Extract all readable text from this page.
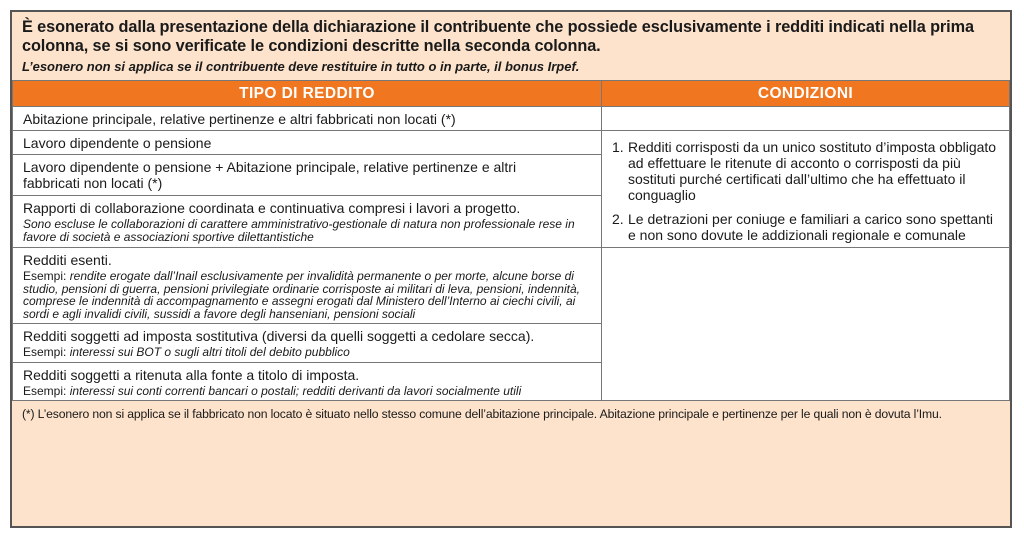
È esonerato dalla presentazione della dichiarazione il contribuente che possiede esclusivamente i redditi indicati nella prima colonna, se si sono verificate le condizioni descritte nella seconda colonna.
L’esonero non si applica se il contribuente deve restituire in tutto o in parte, il bonus Irpef.
TIPO DI REDDITO	CONDIZIONI

Abitazione principale, relative pertinenze e altri fabbricati non locati (*)	

Lavoro dipendente o pensione	1. Redditi corrisposti da un unico sostituto d’imposta obbligato ad effettuare le ritenute di acconto o corrisposti da più sostituti purché certificati dall’ultimo che ha effettuato il conguaglio
2. Le detrazioni per coniuge e familiari a carico sono spettanti e non sono dovute le addizionali regionale e comunale

Lavoro dipendente o pensione + Abitazione principale, relative pertinenze e altri fabbricati non locati (*)	

Rapporti di collaborazione coordinata e continuativa compresi i lavori a progetto.
Sono escluse le collaborazioni di carattere amministrativo-gestionale di natura non professionale rese in favore di società e associazioni sportive dilettantistiche	

Redditi esenti.
Esempi: rendite erogate dall’Inail esclusivamente per invalidità permanente o per morte, alcune borse di studio, pensioni di guerra, pensioni privilegiate ordinarie corrisposte ai militari di leva, pensioni, indennità, comprese le indennità di accompagnamento e assegni erogati dal Ministero dell’Interno ai ciechi civili, ai sordi e agli invalidi civili, sussidi a favore degli hanseniani, pensioni sociali	

Redditi soggetti ad imposta sostitutiva (diversi da quelli soggetti a cedolare secca).
Esempi: interessi sui BOT o sugli altri titoli del debito pubblico	

Redditi soggetti a ritenuta alla fonte a titolo di imposta.
Esempi: interessi sui conti correnti bancari o postali; redditi derivanti da lavori socialmente utili	
(*) L’esonero non si applica se il fabbricato non locato è situato nello stesso comune dell’abitazione principale. Abitazione principale e pertinenze per le quali non è dovuta l’Imu.
